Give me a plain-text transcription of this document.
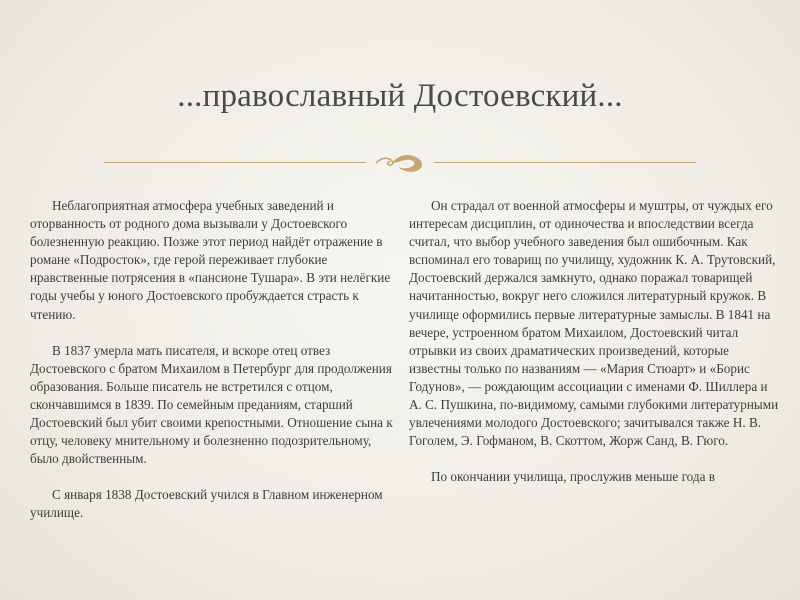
...православный Достоевский...

Неблагоприятная атмосфера учебных заведений и оторванность от родного дома вызывали у Достоевского болезненную реакцию. Позже этот период найдёт отражение в романе «Подросток», где герой переживает глубокие нравственные потрясения в «пансионе Тушара». В эти нелёгкие годы учебы у юного Достоевского пробуждается страсть к чтению.

В 1837 умерла мать писателя, и вскоре отец отвез Достоевского с братом Михаилом в Петербург для продолжения образования. Больше писатель не встретился с отцом, скончавшимся в 1839. По семейным преданиям, старший Достоевский был убит своими крепостными. Отношение сына к отцу, человеку мнительному и болезненно подозрительному, было двойственным.

С января 1838 Достоевский учился в Главном инженерном училище.

Он страдал от военной атмосферы и муштры, от чуждых его интересам дисциплин, от одиночества и впоследствии всегда считал, что выбор учебного заведения был ошибочным. Как вспоминал его товарищ по училищу, художник К. А. Трутовский, Достоевский держался замкнуто, однако поражал товарищей начитанностью, вокруг него сложился литературный кружок. В училище оформились первые литературные замыслы. В 1841 на вечере, устроенном братом Михаилом, Достоевский читал отрывки из своих драматических произведений, которые известны только по названиям — «Мария Стюарт» и «Борис Годунов», — рождающим ассоциации с именами Ф. Шиллера и А. С. Пушкина, по-видимому, самыми глубокими литературными увлечениями молодого Достоевского; зачитывался также Н. В. Гоголем, Э. Гофманом, В. Скоттом, Жорж Санд, В. Гюго.

По окончании училища, прослужив меньше года в
